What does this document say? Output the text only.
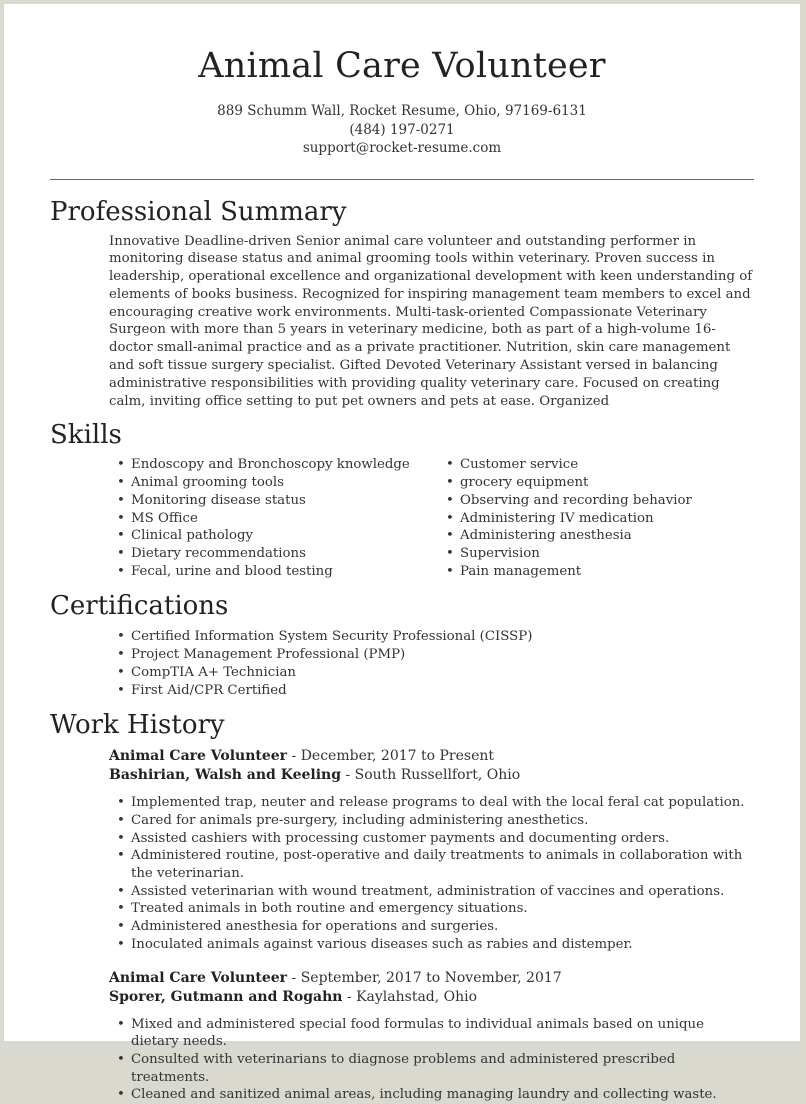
Animal Care Volunteer
889 Schumm Wall, Rocket Resume, Ohio, 97169-6131
(484) 197-0271
support@rocket-resume.com
Professional Summary

Innovative Deadline-driven Senior animal care volunteer and outstanding performer in monitoring disease status and animal grooming tools within veterinary. Proven success in leadership, operational excellence and organizational development with keen understanding of elements of books business. Recognized for inspiring management team members to excel and encouraging creative work environments. Multi-task-oriented Compassionate Veterinary Surgeon with more than 5 years in veterinary medicine, both as part of a high-volume 16-doctor small-animal practice and as a private practitioner. Nutrition, skin care management and soft tissue surgery specialist. Gifted Devoted Veterinary Assistant versed in balancing administrative responsibilities with providing quality veterinary care. Focused on creating calm, inviting office setting to put pet owners and pets at ease. Organized

Skills
• Endoscopy and Bronchoscopy knowledge
• Animal grooming tools
• Monitoring disease status
• MS Office
• Clinical pathology
• Dietary recommendations
• Fecal, urine and blood testing
• Customer service
• grocery equipment
• Observing and recording behavior
• Administering IV medication
• Administering anesthesia
• Supervision
• Pain management
Certifications
• Certified Information System Security Professional (CISSP)
• Project Management Professional (PMP)
• CompTIA A+ Technician
• First Aid/CPR Certified
Work History
Animal Care Volunteer - December, 2017 to Present
Bashirian, Walsh and Keeling - South Russellfort, Ohio
• Implemented trap, neuter and release programs to deal with the local feral cat population.
• Cared for animals pre-surgery, including administering anesthetics.
• Assisted cashiers with processing customer payments and documenting orders.
• Administered routine, post-operative and daily treatments to animals in collaboration with the veterinarian.
• Assisted veterinarian with wound treatment, administration of vaccines and operations.
• Treated animals in both routine and emergency situations.
• Administered anesthesia for operations and surgeries.
• Inoculated animals against various diseases such as rabies and distemper.
Animal Care Volunteer - September, 2017 to November, 2017
Sporer, Gutmann and Rogahn - Kaylahstad, Ohio
• Mixed and administered special food formulas to individual animals based on unique dietary needs.
• Consulted with veterinarians to diagnose problems and administered prescribed treatments.
• Cleaned and sanitized animal areas, including managing laundry and collecting waste.
